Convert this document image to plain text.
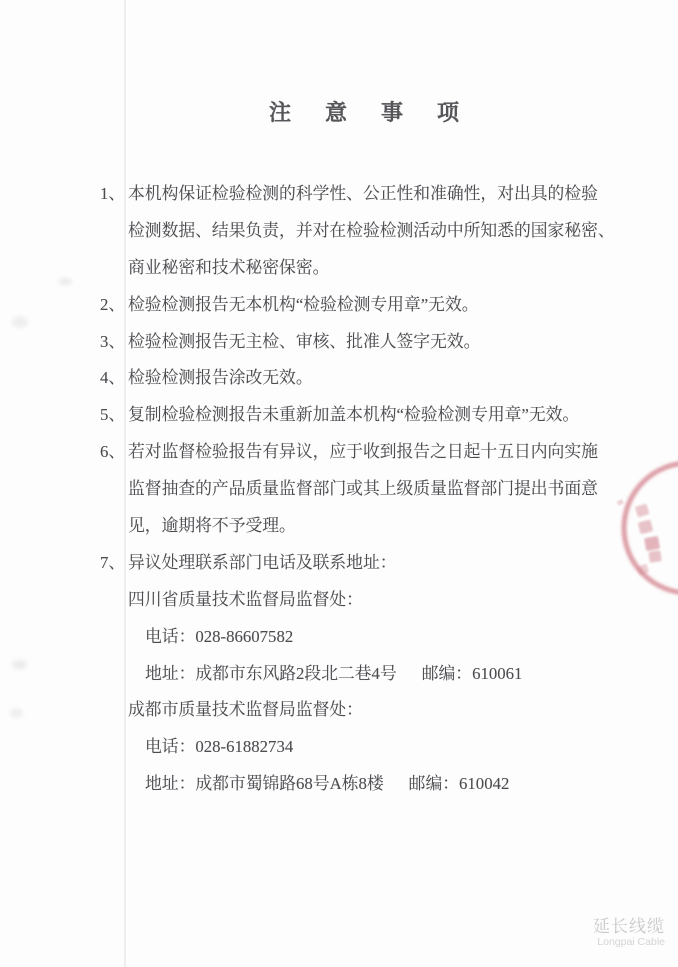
注意事项
1、 本机构保证检验检测的科学性、公正性和准确性，对出具的检验
检测数据、结果负责，并对在检验检测活动中所知悉的国家秘密、
商业秘密和技术秘密保密。
2、 检验检测报告无本机构“检验检测专用章”无效。
3、 检验检测报告无主检、审核、批准人签字无效。
4、 检验检测报告涂改无效。
5、 复制检验检测报告未重新加盖本机构“检验检测专用章”无效。
6、 若对监督检验报告有异议，应于收到报告之日起十五日内向实施
监督抽查的产品质量监督部门或其上级质量监督部门提出书面意
见，逾期将不予受理。
7、 异议处理联系部门电话及联系地址：
四川省质量技术监督局监督处：
电话：028-86607582
地址：成都市东风路2段北二巷4号 邮编：610061
成都市质量技术监督局监督处：
电话：028-61882734
地址：成都市蜀锦路68号A栋8楼 邮编：610042
延长线缆
Longpai Cable
